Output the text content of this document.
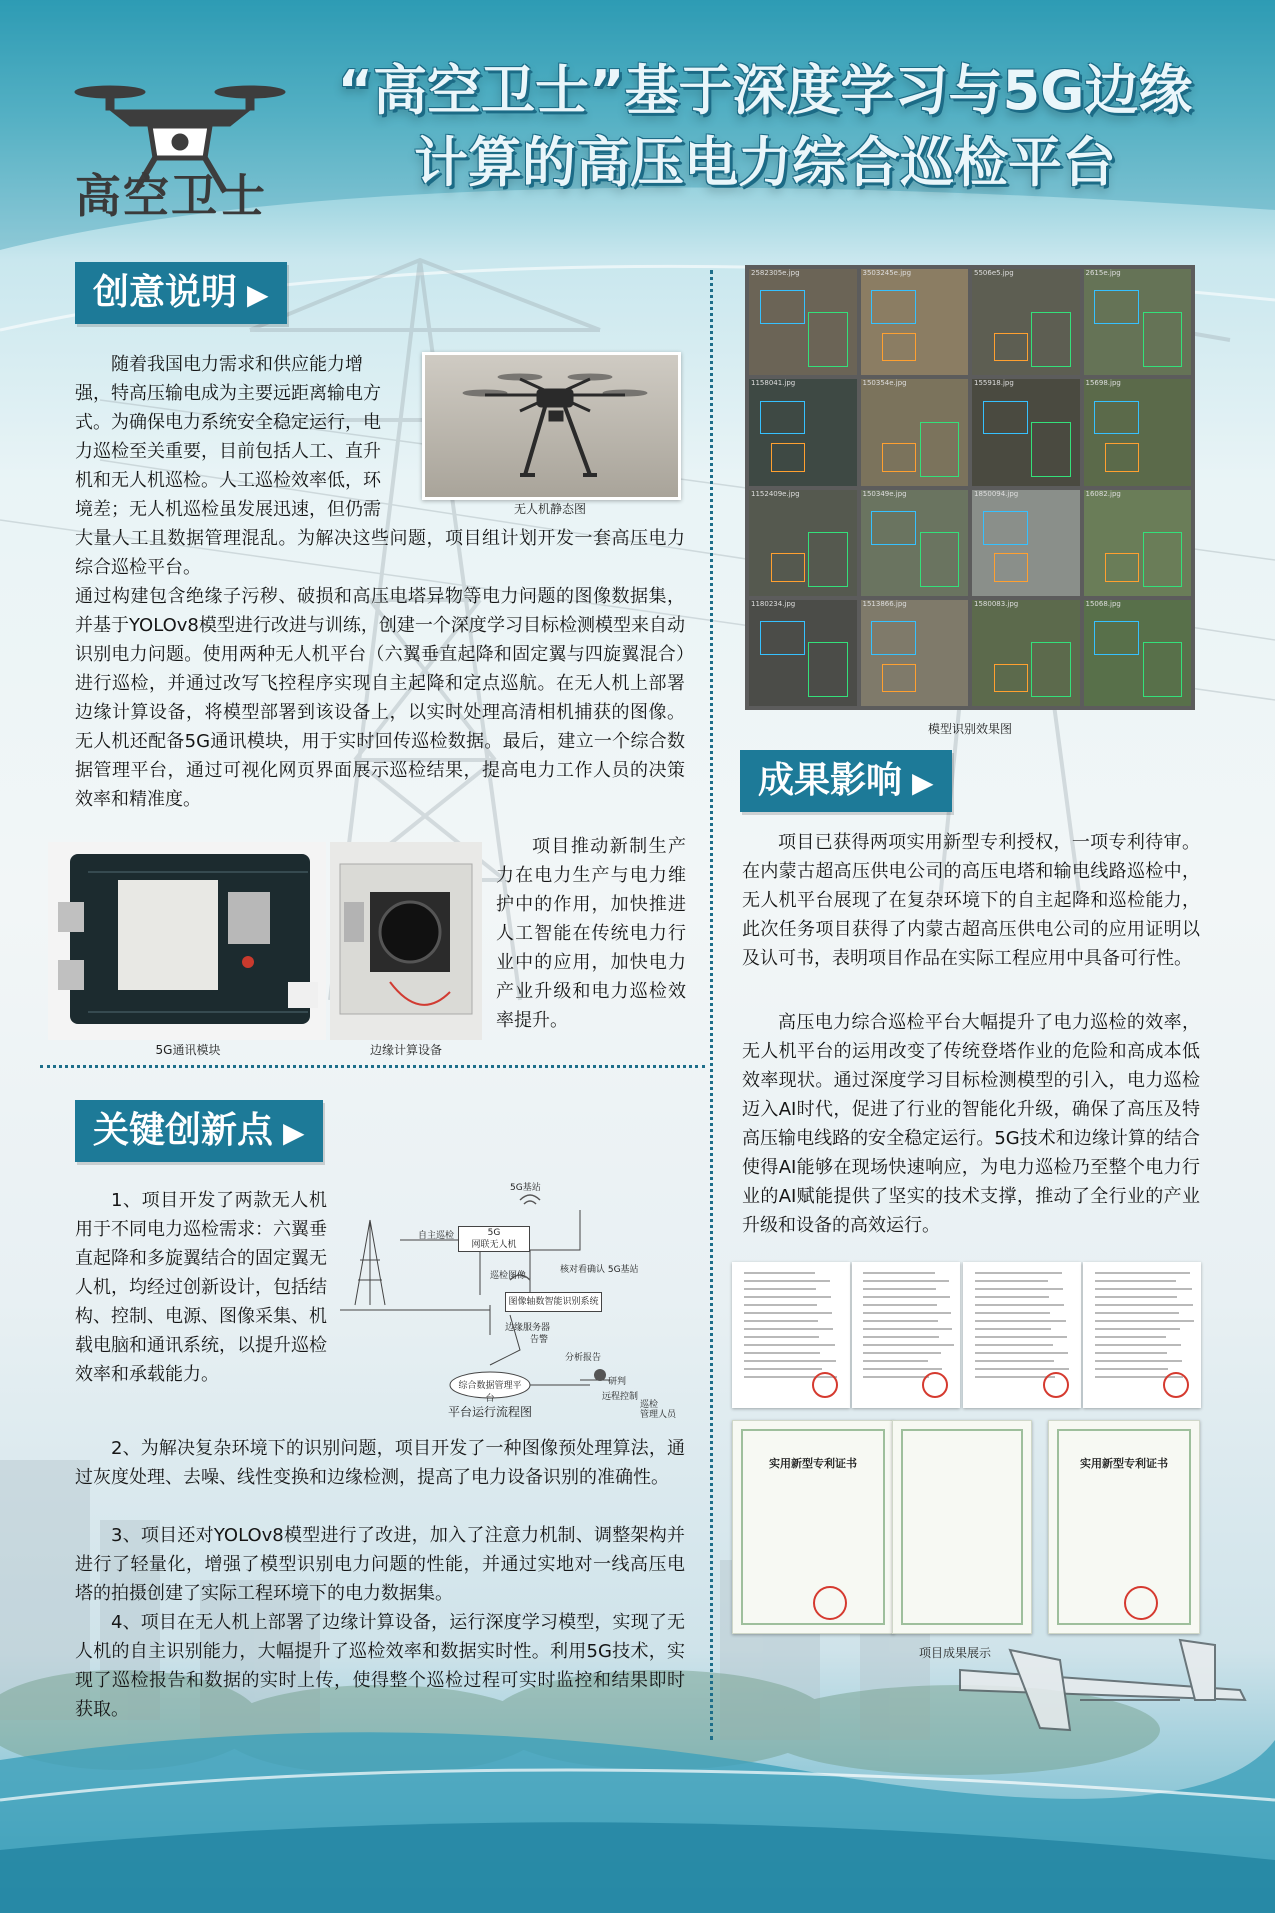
高空卫士
“高空卫士”基于深度学习与5G边缘
计算的高压电力综合巡检平台
创意说明 ▶
随着我国电力需求和供应能力增
强，特高压输电成为主要远距离输电方
式。为确保电力系统安全稳定运行，电
力巡检至关重要，目前包括人工、直升
机和无人机巡检。人工巡检效率低，环
境差；无人机巡检虽发展迅速，但仍需	无人机静态图
大量人工且数据管理混乱。为解决这些问题，项目组计划开发一套高压电力综合巡检平台。
通过构建包含绝缘子污秽、破损和高压电塔异物等电力问题的图像数据集，并基于YOLOv8模型进行改进与训练，创建一个深度学习目标检测模型来自动识别电力问题。使用两种无人机平台（六翼垂直起降和固定翼与四旋翼混合）进行巡检，并通过改写飞控程序实现自主起降和定点巡航。在无人机上部署边缘计算设备，将模型部署到该设备上，以实时处理高清相机捕获的图像。无人机还配备5G通讯模块，用于实时回传巡检数据。最后，建立一个综合数据管理平台，通过可视化网页界面展示巡检结果，提高电力工作人员的决策效率和精准度。
5G通讯模块	边缘计算设备
项目推动新制生产力在电力生产与电力维护中的作用，加快推进人工智能在传统电力行业中的应用，加快电力产业升级和电力巡检效率提升。
关键创新点 ▶
1、项目开发了两款无人机用于不同电力巡检需求：六翼垂直起降和多旋翼结合的固定翼无人机，均经过创新设计，包括结构、控制、电源、图像采集、机载电脑和通讯系统，以提升巡检效率和承载能力。
5G基站
自主巡检	5G
网联无人机
巡检图像
核对看确认 5G基站
图像轴数智能识别系统
边缘服务器
告警
分析报告
综合数据管理平台
研判
远程控制
巡检
管理人员
平台运行流程图
2、为解决复杂环境下的识别问题，项目开发了一种图像预处理算法，通过灰度处理、去噪、线性变换和边缘检测，提高了电力设备识别的准确性。
3、项目还对YOLOv8模型进行了改进，加入了注意力机制、调整架构并进行了轻量化，增强了模型识别电力问题的性能，并通过实地对一线高压电塔的拍摄创建了实际工程环境下的电力数据集。
4、项目在无人机上部署了边缘计算设备，运行深度学习模型，实现了无人机的自主识别能力，大幅提升了巡检效率和数据实时性。利用5G技术，实现了巡检报告和数据的实时上传，使得整个巡检过程可实时监控和结果即时获取。
2582305e.jpg	3503245e.jpg	5506e5.jpg	2615e.jpg
1158041.jpg	150354e.jpg	155918.jpg	15698.jpg
1152409e.jpg	150349e.jpg	1850094.jpg	16082.jpg
1180234.jpg	1513866.jpg	1580083.jpg	15068.jpg
模型识别效果图
成果影响 ▶
项目已获得两项实用新型专利授权，一项专利待审。在内蒙古超高压供电公司的高压电塔和输电线路巡检中，无人机平台展现了在复杂环境下的自主起降和巡检能力，此次任务项目获得了内蒙古超高压供电公司的应用证明以及认可书，表明项目作品在实际工程应用中具备可行性。
高压电力综合巡检平台大幅提升了电力巡检的效率，无人机平台的运用改变了传统登塔作业的危险和高成本低效率现状。通过深度学习目标检测模型的引入，电力巡检迈入AI时代，促进了行业的智能化升级，确保了高压及特高压输电线路的安全稳定运行。5G技术和边缘计算的结合使得AI能够在现场快速响应，为电力巡检乃至整个电力行业的AI赋能提供了坚实的技术支撑，推动了全行业的产业升级和设备的高效运行。
实用新型专利证书	实用新型专利证书
项目成果展示
